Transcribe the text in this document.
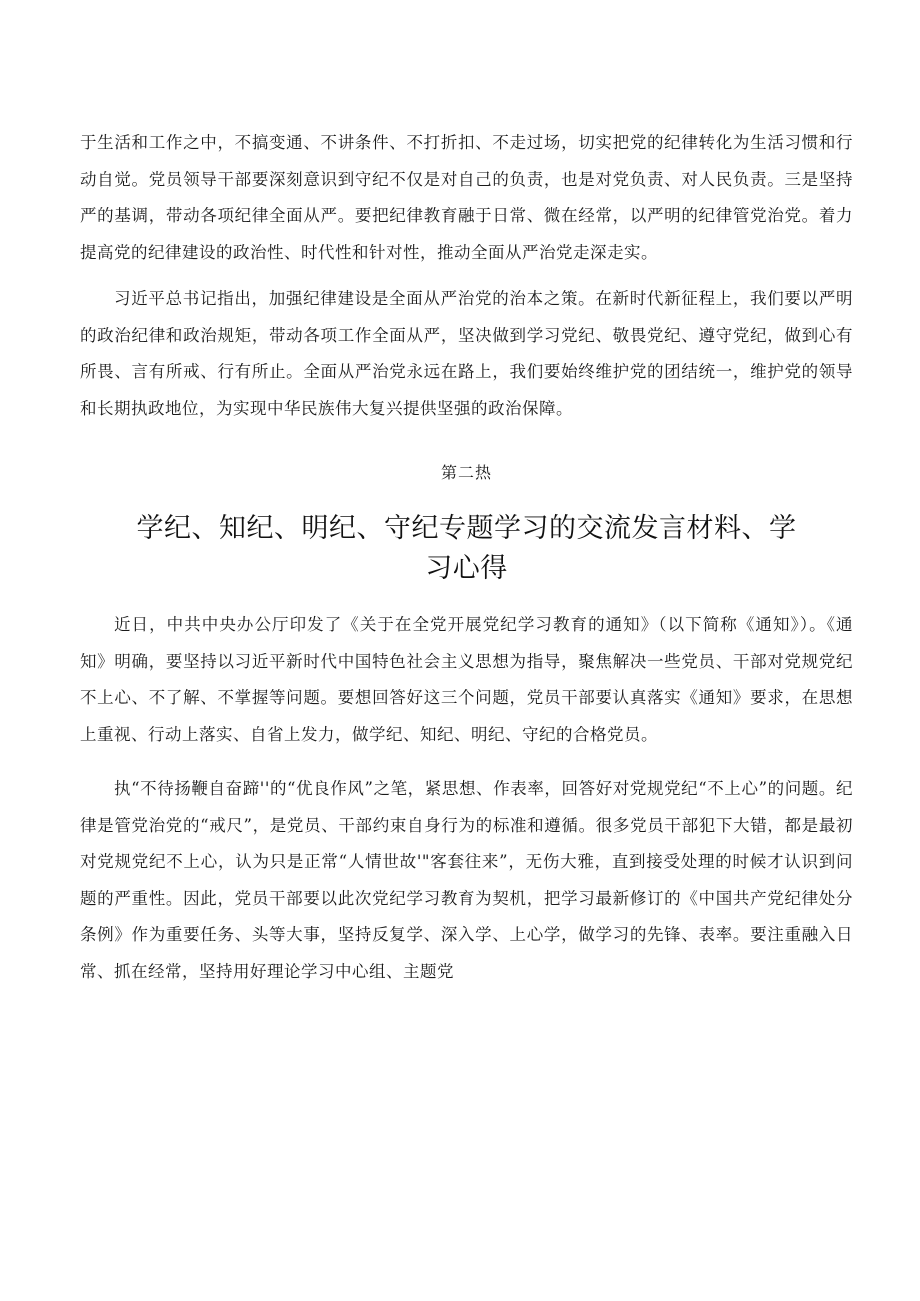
于生活和工作之中，不搞变通、不讲条件、不打折扣、不走过场，切实把党的纪律转化为生活习惯和行动自觉。党员领导干部要深刻意识到守纪不仅是对自己的负责，也是对党负责、对人民负责。三是坚持严的基调，带动各项纪律全面从严。要把纪律教育融于日常、微在经常，以严明的纪律管党治党。着力提高党的纪律建设的政治性、时代性和针对性，推动全面从严治党走深走实。

习近平总书记指出，加强纪律建设是全面从严治党的治本之策。在新时代新征程上，我们要以严明的政治纪律和政治规矩，带动各项工作全面从严，坚决做到学习党纪、敬畏党纪、遵守党纪，做到心有所畏、言有所戒、行有所止。全面从严治党永远在路上，我们要始终维护党的团结统一，维护党的领导和长期执政地位，为实现中华民族伟大复兴提供坚强的政治保障。

第二热
学纪、知纪、明纪、守纪专题学习的交流发言材料、学习心得

近日，中共中央办公厅印发了《关于在全党开展党纪学习教育的通知》（以下简称《通知》）。《通知》明确，要坚持以习近平新时代中国特色社会主义思想为指导，聚焦解决一些党员、干部对党规党纪不上心、不了解、不掌握等问题。要想回答好这三个问题，党员干部要认真落实《通知》要求，在思想上重视、行动上落实、自省上发力，做学纪、知纪、明纪、守纪的合格党员。

执“不待扬鞭自奋蹄''的“优良作风”之笔，紧思想、作表率，回答好对党规党纪“不上心”的问题。纪律是管党治党的“戒尺”，是党员、干部约束自身行为的标准和遵循。很多党员干部犯下大错，都是最初对党规党纪不上心，认为只是正常“人情世故'"客套往来”，无伤大雅，直到接受处理的时候才认识到问题的严重性。因此，党员干部要以此次党纪学习教育为契机，把学习最新修订的《中国共产党纪律处分条例》作为重要任务、头等大事，坚持反复学、深入学、上心学，做学习的先锋、表率。要注重融入日常、抓在经常，坚持用好理论学习中心组、主题党
